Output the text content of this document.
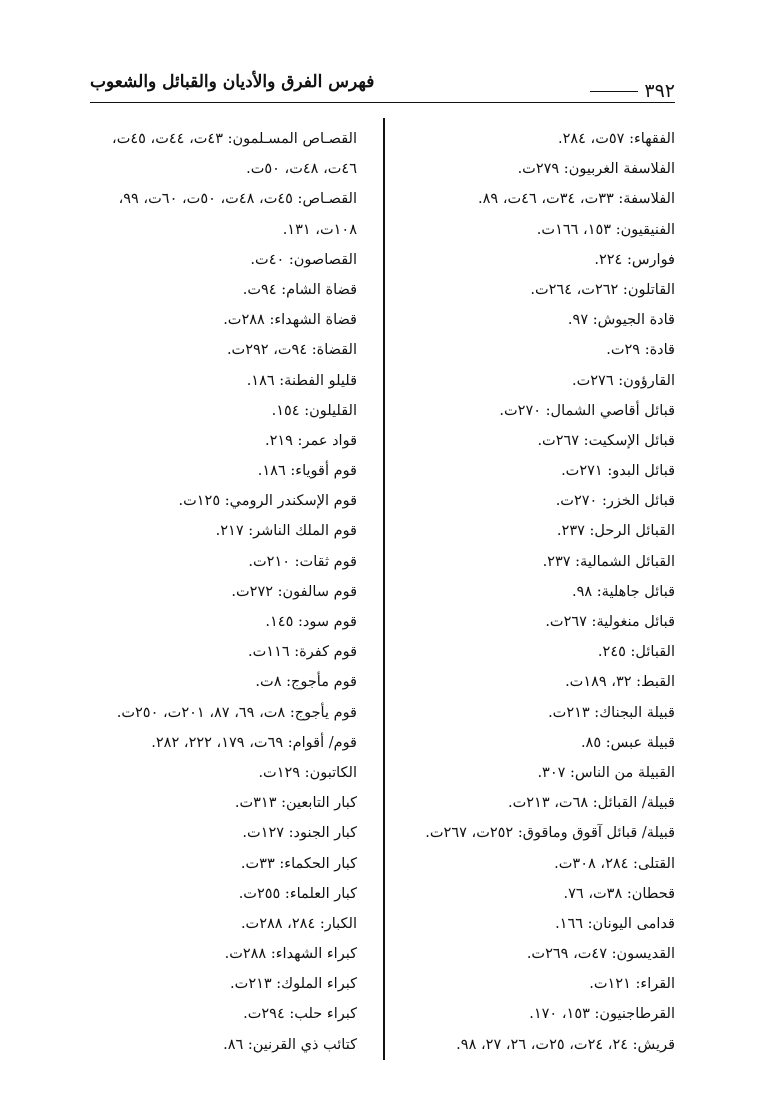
فهرس الفرق والأديان والقبائل والشعوب	٣٩٢
الفقهاء: ٥٧ت، ٢٨٤.
الفلاسفة الغربيون: ٢٧٩ت.
الفلاسفة: ٣٣ت، ٣٤ت، ٤٦ت، ٨٩.
الفنيقيون: ١٥٣، ١٦٦ت.
فوارس: ٢٢٤.
القاتلون: ٢٦٢ت، ٢٦٤ت.
قادة الجيوش: ٩٧.
قادة: ٢٩ت.
القارؤون: ٢٧٦ت.
قبائل أقاصي الشمال: ٢٧٠ت.
قبائل الإسكيت: ٢٦٧ت.
قبائل البدو: ٢٧١ت.
قبائل الخزر: ٢٧٠ت.
القبائل الرحل: ٢٣٧.
القبائل الشمالية: ٢٣٧.
قبائل جاهلية: ٩٨.
قبائل منغولية: ٢٦٧ت.
القبائل: ٢٤٥.
القبط: ٣٢، ١٨٩ت.
قبيلة البجناك: ٢١٣ت.
قبيلة عبس: ٨٥.
القبيلة من الناس: ٣٠٧.
قبيلة/ القبائل: ٦٨ت، ٢١٣ت.
قبيلة/ قبائل آقوق وماقوق: ٢٥٢ت، ٢٦٧ت.
القتلى: ٢٨٤، ٣٠٨ت.
قحطان: ٣٨ت، ٧٦.
قدامى اليونان: ١٦٦.
القديسون: ٤٧ت، ٢٦٩ت.
القراء: ١٢١ت.
القرطاجنيون: ١٥٣، ١٧٠.
قريش: ٢٤، ٢٤ت، ٢٥ت، ٢٦، ٢٧، ٩٨.
القصـاص المسـلمون: ٤٣ت، ٤٤ت، ٤٥ت،
٤٦ت، ٤٨ت، ٥٠ت.
القصـاص: ٤٥ت، ٤٨ت، ٥٠ت، ٦٠ت، ٩٩،
١٠٨ت، ١٣١.
القصاصون: ٤٠ت.
قضاة الشام: ٩٤ت.
قضاة الشهداء: ٢٨٨ت.
القضاة: ٩٤ت، ٢٩٢ت.
قليلو الفطنة: ١٨٦.
القليلون: ١٥٤.
قواد عمر: ٢١٩.
قوم أقوياء: ١٨٦.
قوم الإسكندر الرومي: ١٢٥ت.
قوم الملك الناشر: ٢١٧.
قوم ثقات: ٢١٠ت.
قوم سالفون: ٢٧٢ت.
قوم سود: ١٤٥.
قوم كفرة: ١١٦ت.
قوم مأجوج: ٨ت.
قوم يأجوج: ٨ت، ٦٩، ٨٧، ٢٠١ت، ٢٥٠ت.
قوم/ أقوام: ٦٩ت، ١٧٩، ٢٢٢، ٢٨٢.
الكاتبون: ١٢٩ت.
كبار التابعين: ٣١٣ت.
كبار الجنود: ١٢٧ت.
كبار الحكماء: ٣٣ت.
كبار العلماء: ٢٥٥ت.
الكبار: ٢٨٤، ٢٨٨ت.
كبراء الشهداء: ٢٨٨ت.
كبراء الملوك: ٢١٣ت.
كبراء حلب: ٢٩٤ت.
كتائب ذي القرنين: ٨٦.
